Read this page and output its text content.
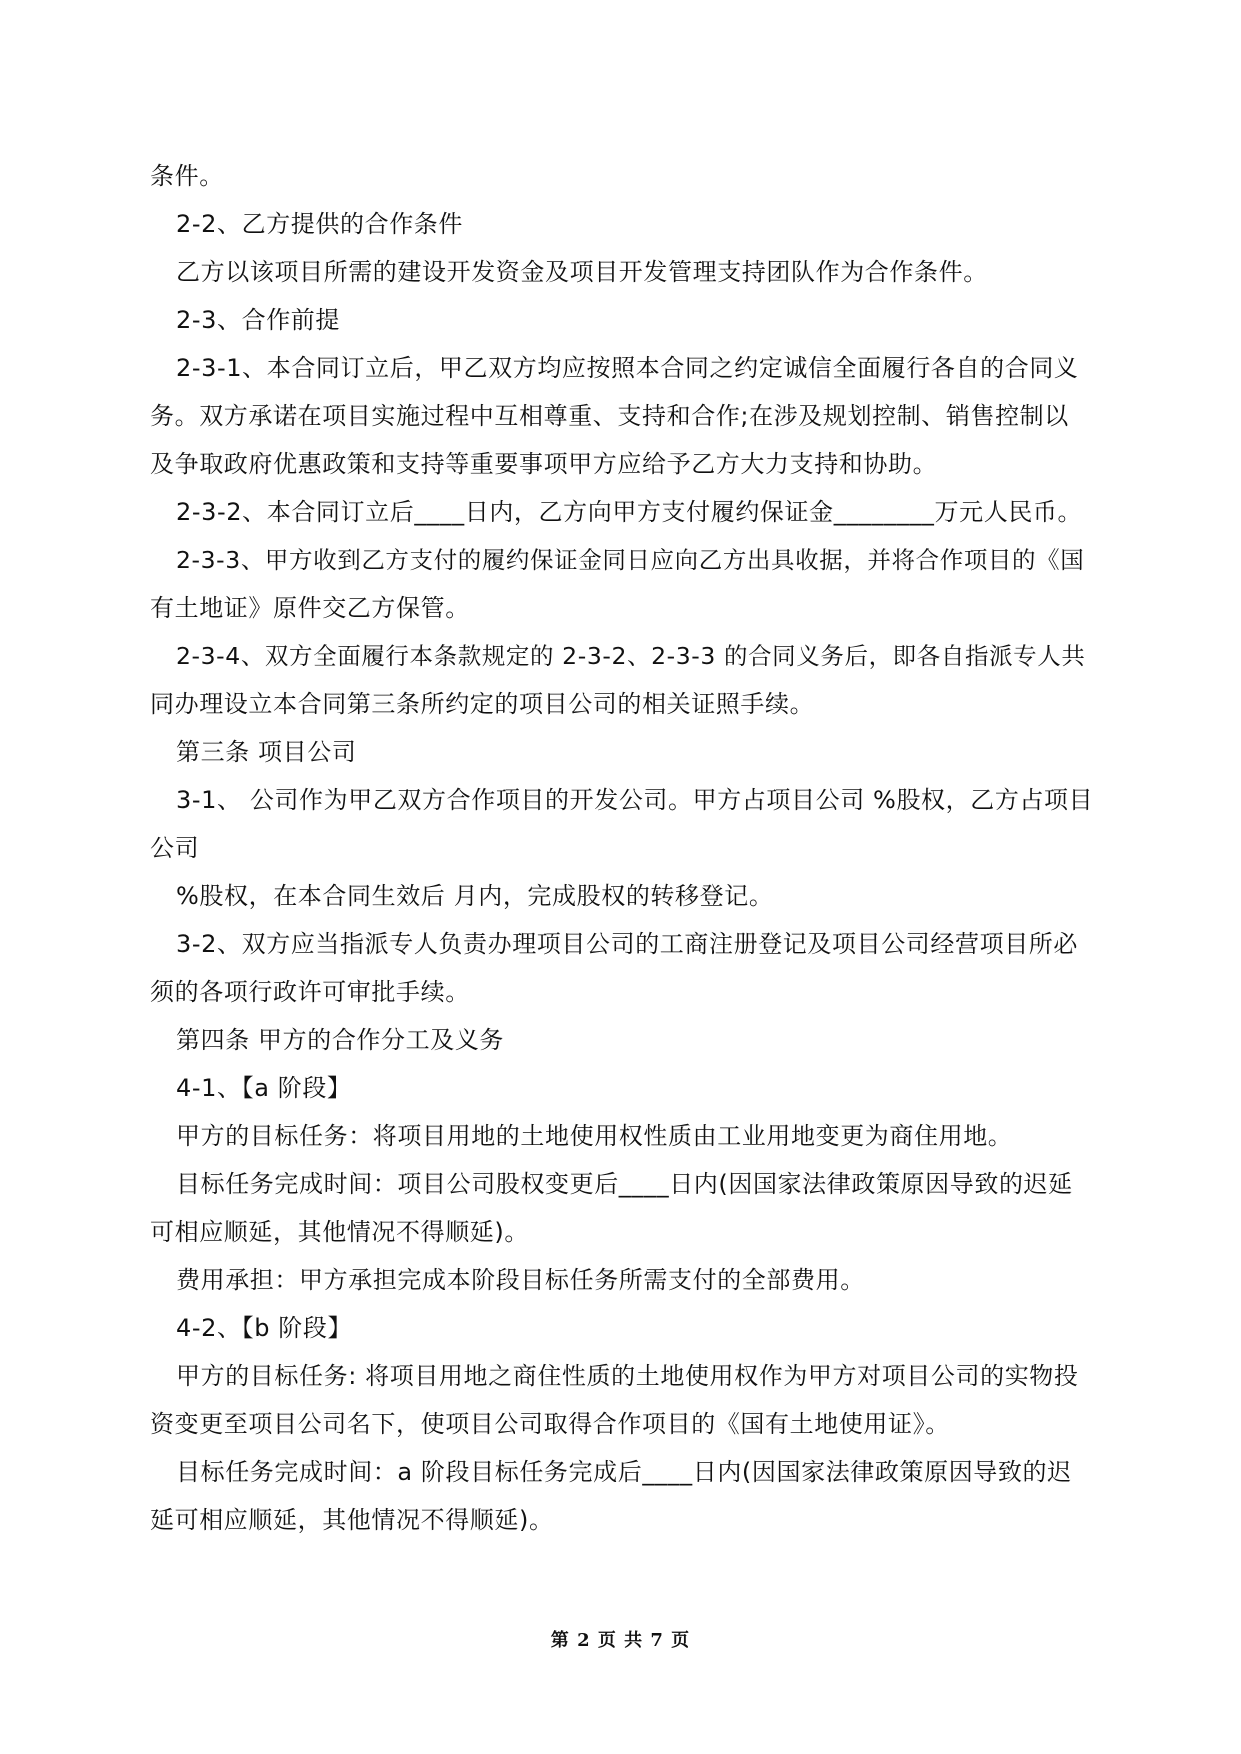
条件。
2-2、乙方提供的合作条件
乙方以该项目所需的建设开发资金及项目开发管理支持团队作为合作条件。
2-3、合作前提
2-3-1、本合同订立后，甲乙双方均应按照本合同之约定诚信全面履行各自的合同义
务。双方承诺在项目实施过程中互相尊重、支持和合作;在涉及规划控制、销售控制以
及争取政府优惠政策和支持等重要事项甲方应给予乙方大力支持和协助。
2-3-2、本合同订立后____日内，乙方向甲方支付履约保证金________万元人民币。
2-3-3、甲方收到乙方支付的履约保证金同日应向乙方出具收据，并将合作项目的《国
有土地证》原件交乙方保管。
2-3-4、双方全面履行本条款规定的 2-3-2、2-3-3 的合同义务后，即各自指派专人共
同办理设立本合同第三条所约定的项目公司的相关证照手续。
第三条 项目公司
3-1、 公司作为甲乙双方合作项目的开发公司。甲方占项目公司 %股权，乙方占项目
公司
%股权，在本合同生效后 月内，完成股权的转移登记。
3-2、双方应当指派专人负责办理项目公司的工商注册登记及项目公司经营项目所必
须的各项行政许可审批手续。
第四条 甲方的合作分工及义务
4-1、【a 阶段】
甲方的目标任务：将项目用地的土地使用权性质由工业用地变更为商住用地。
目标任务完成时间：项目公司股权变更后____日内(因国家法律政策原因导致的迟延
可相应顺延，其他情况不得顺延)。
费用承担：甲方承担完成本阶段目标任务所需支付的全部费用。
4-2、【b 阶段】
甲方的目标任务: 将项目用地之商住性质的土地使用权作为甲方对项目公司的实物投
资变更至项目公司名下，使项目公司取得合作项目的《国有土地使用证》。
目标任务完成时间：a 阶段目标任务完成后____日内(因国家法律政策原因导致的迟
延可相应顺延，其他情况不得顺延)。
第 2 页 共 7 页
